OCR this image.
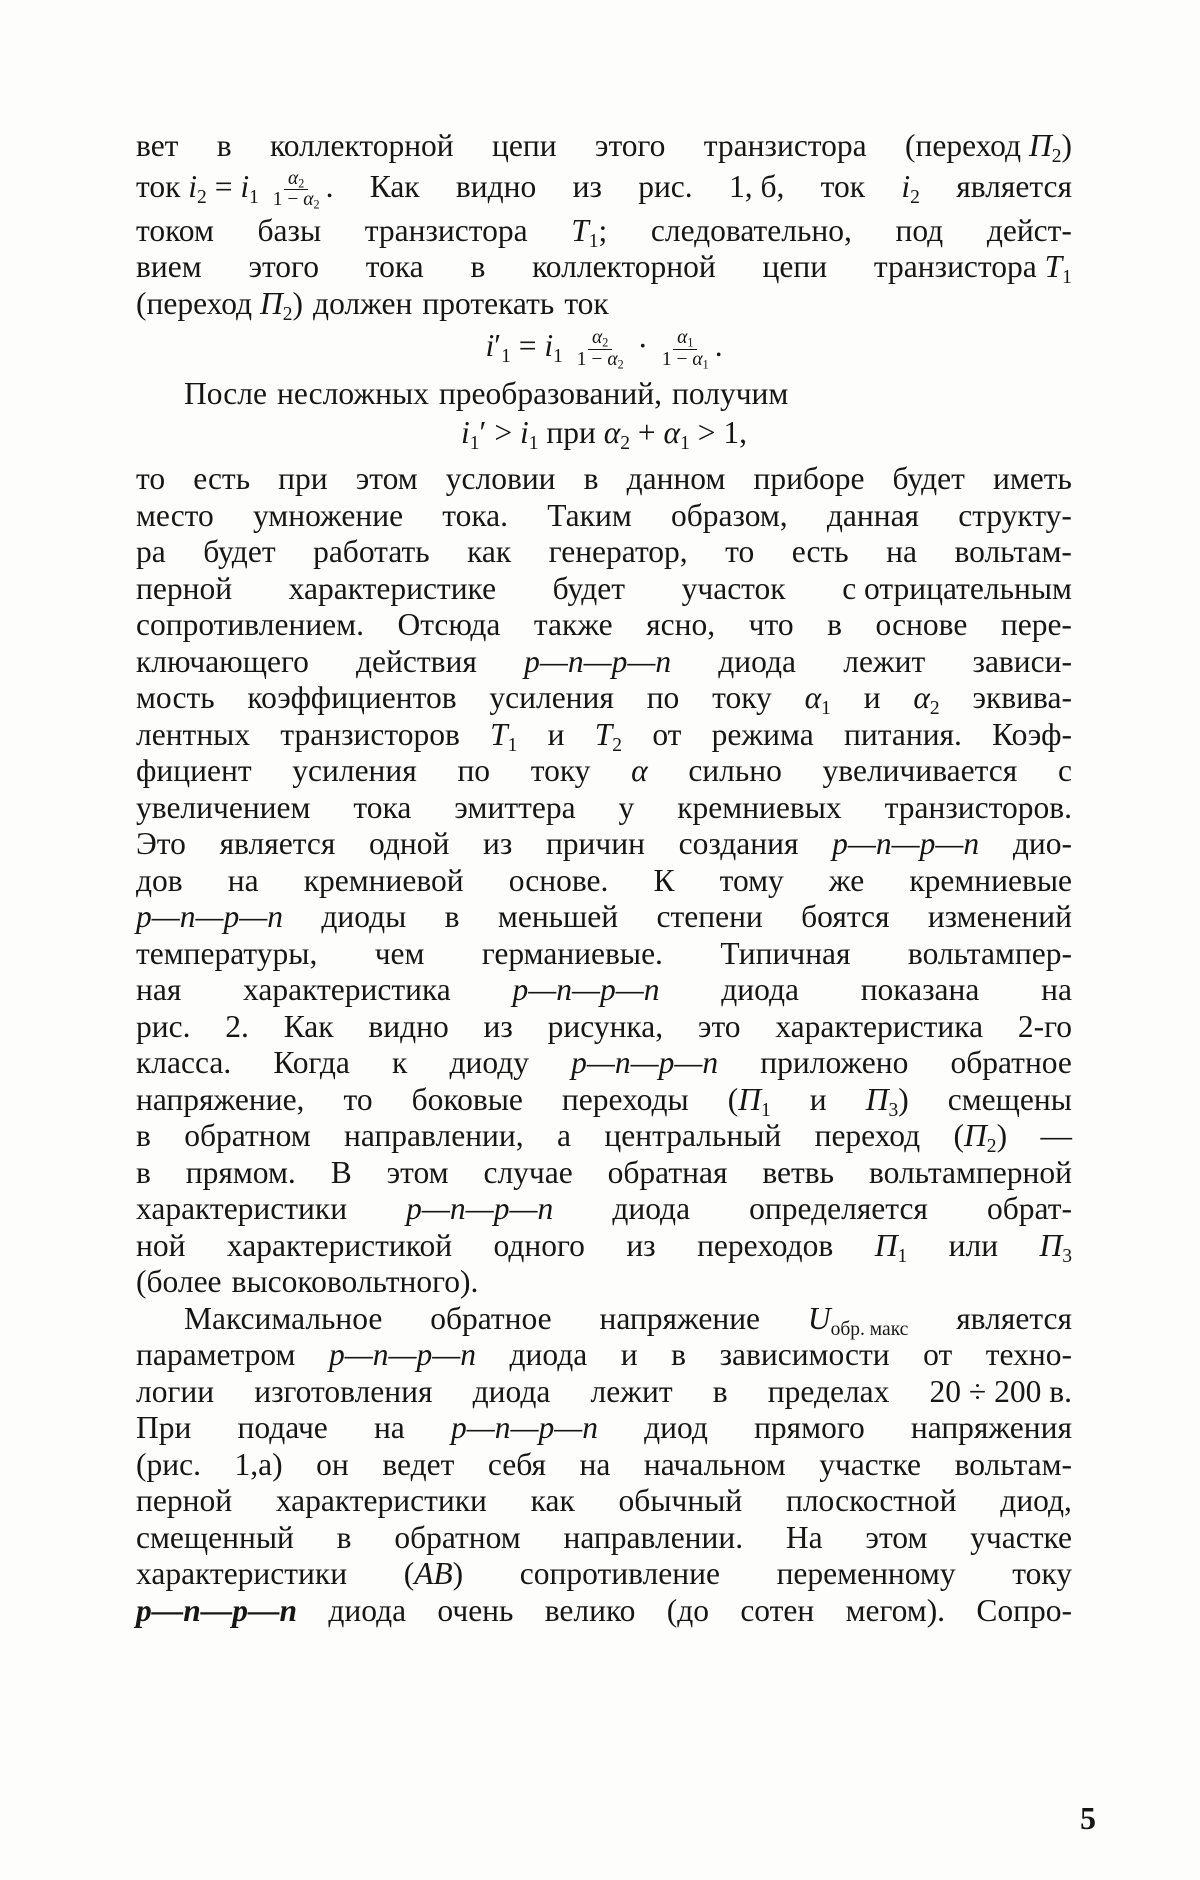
вет в коллекторной цепи этого транзистора (переход $П_2$)
ток $i_2 = i_1 \frac{\alpha_2}{1 - \alpha_2}$ . Как видно из рис. 1, б, ток $i_2$ является
током базы транзистора $T_1$; следовательно, под дейст-
вием этого тока в коллекторной цепи транзистора $T_1$
(переход $П_2$) должен протекать ток
$i'_1 = i_1 \frac{\alpha_2}{1 - \alpha_2} \cdot \frac{\alpha_1}{1 - \alpha_1}$ .
После несложных преобразований, получим
$i_1' > i_1$ при $\alpha_2 + \alpha_1 > 1$,
то есть при этом условии в данном приборе будет иметь
место умножение тока. Таким образом, данная структу-
ра будет работать как генератор, то есть на вольтам-
перной характеристике будет участок с отрицательным
сопротивлением. Отсюда также ясно, что в основе пере-
ключающего действия p—n—p—n диода лежит зависи-
мость коэффициентов усиления по току $\alpha_1$ и $\alpha_2$ эквива-
лентных транзисторов $T_1$ и $T_2$ от режима питания. Коэф-
фициент усиления по току α сильно увеличивается с
увеличением тока эмиттера у кремниевых транзисторов.
Это является одной из причин создания p—n—p—n дио-
дов на кремниевой основе. К тому же кремниевые
p—n—p—n диоды в меньшей степени боятся изменений
температуры, чем германиевые. Типичная вольтампер-
ная характеристика p—n—p—n диода показана на
рис. 2. Как видно из рисунка, это характеристика 2-го
класса. Когда к диоду p—n—p—n приложено обратное
напряжение, то боковые переходы ($П_1$ и $П_3$) смещены
в обратном направлении, а центральный переход $(П_2)$ —
в прямом. В этом случае обратная ветвь вольтамперной
характеристики p—n—p—n диода определяется обрат-
ной характеристикой одного из переходов $П_1$ или $П_3$
(более высоковольтного).
Максимальное обратное напряжение $U_{обр. макс}$ является
параметром p—n—p—n диода и в зависимости от техно-
логии изготовления диода лежит в пределах 20 ÷ 200 в.
При подаче на p—n—p—n диод прямого напряжения
(рис. 1,а) он ведет себя на начальном участке вольтам-
перной характеристики как обычный плоскостной диод,
смещенный в обратном направлении. На этом участке
характеристики (AB) сопротивление переменному току
p—n—p—n диода очень велико (до сотен мегом). Сопро-
5
